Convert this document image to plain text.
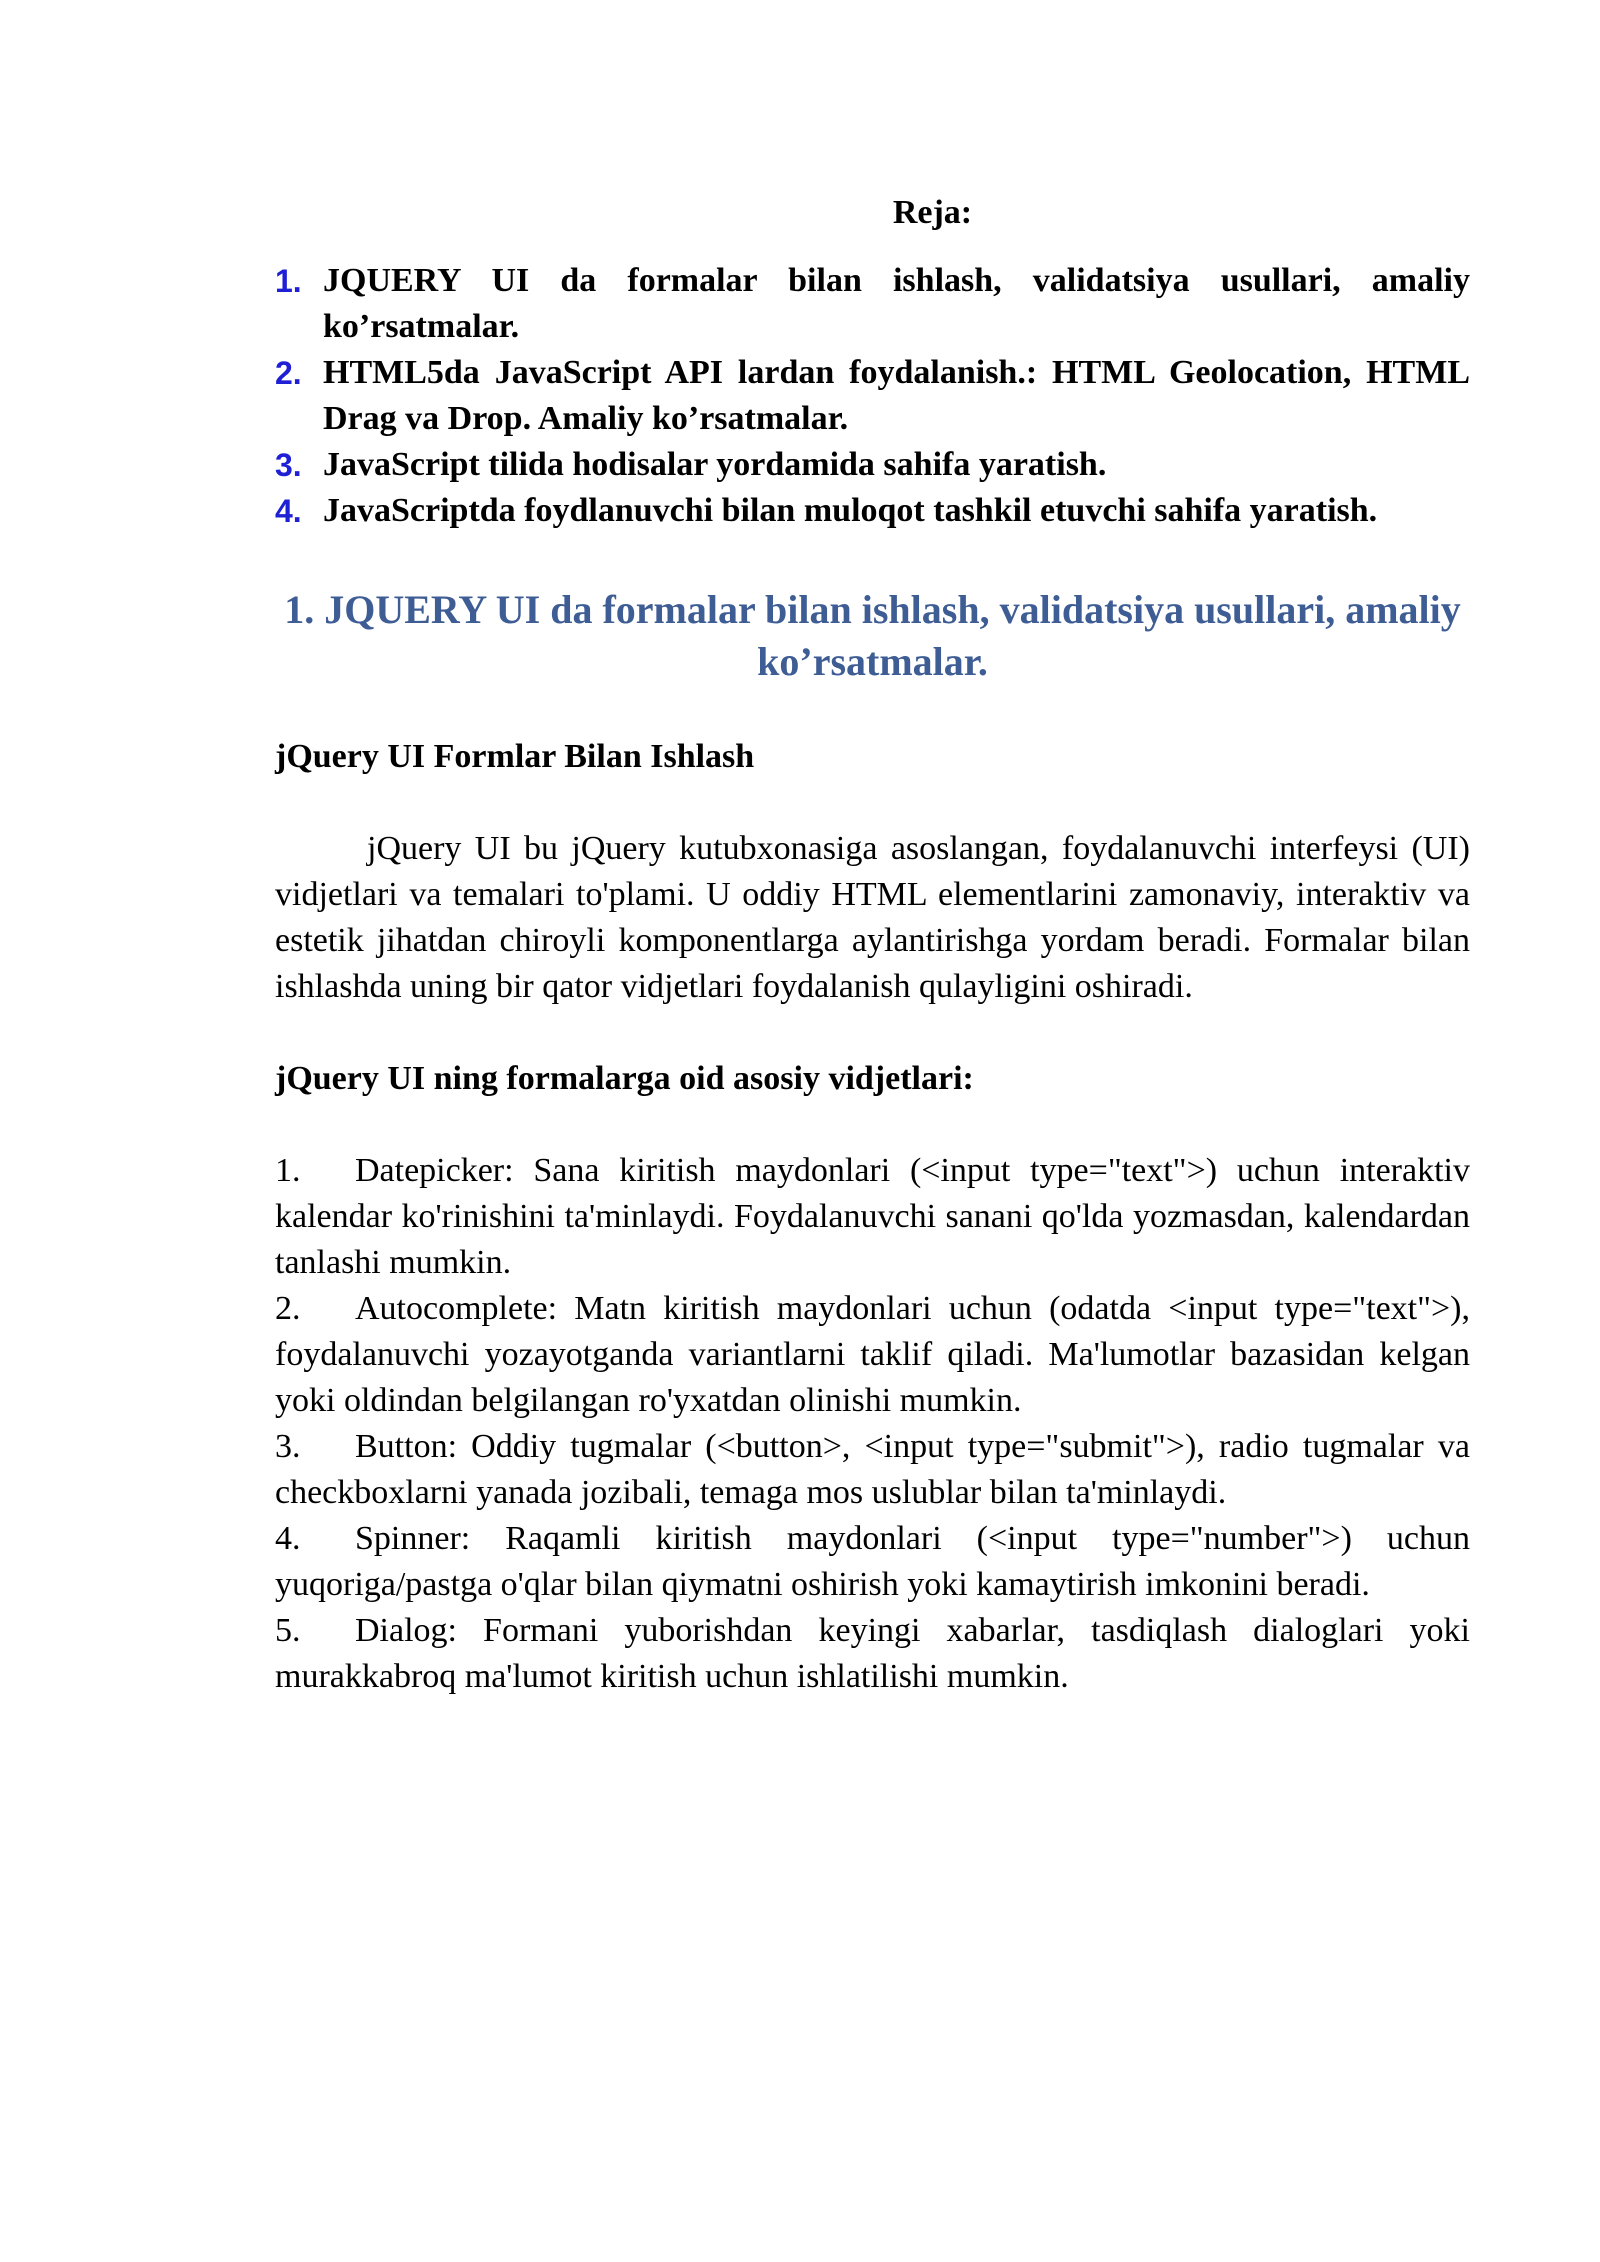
Reja:
1. JQUERY UI da formalar bilan ishlash, validatsiya usullari, amaliy ko’rsatmalar.
2. HTML5da JavaScript API lardan foydalanish.: HTML Geolocation, HTML Drag va Drop. Amaliy ko’rsatmalar.
3. JavaScript tilida hodisalar yordamida sahifa yaratish.
4. JavaScriptda foydlanuvchi bilan muloqot tashkil etuvchi sahifa yaratish.
1. JQUERY UI da formalar bilan ishlash, validatsiya usullari, amaliy ko’rsatmalar.
jQuery UI Formlar Bilan Ishlash

jQuery UI bu jQuery kutubxonasiga asoslangan, foydalanuvchi interfeysi (UI) vidjetlari va temalari to'plami. U oddiy HTML elementlarini zamonaviy, interaktiv va estetik jihatdan chiroyli komponentlarga aylantirishga yordam beradi. Formalar bilan ishlashda uning bir qator vidjetlari foydalanish qulayligini oshiradi.

jQuery UI ning formalarga oid asosiy vidjetlari:

1. Datepicker: Sana kiritish maydonlari (<input type="text">) uchun interaktiv kalendar ko'rinishini ta'minlaydi. Foydalanuvchi sanani qo'lda yozmasdan, kalendardan tanlashi mumkin.

2. Autocomplete: Matn kiritish maydonlari uchun (odatda <input type="text">), foydalanuvchi yozayotganda variantlarni taklif qiladi. Ma'lumotlar bazasidan kelgan yoki oldindan belgilangan ro'yxatdan olinishi mumkin.

3. Button: Oddiy tugmalar (<button>, <input type="submit">), radio tugmalar va checkboxlarni yanada jozibali, temaga mos uslublar bilan ta'minlaydi.

4. Spinner: Raqamli kiritish maydonlari (<input type="number">) uchun yuqoriga/pastga o'qlar bilan qiymatni oshirish yoki kamaytirish imkonini beradi.

5. Dialog: Formani yuborishdan keyingi xabarlar, tasdiqlash dialoglari yoki murakkabroq ma'lumot kiritish uchun ishlatilishi mumkin.
